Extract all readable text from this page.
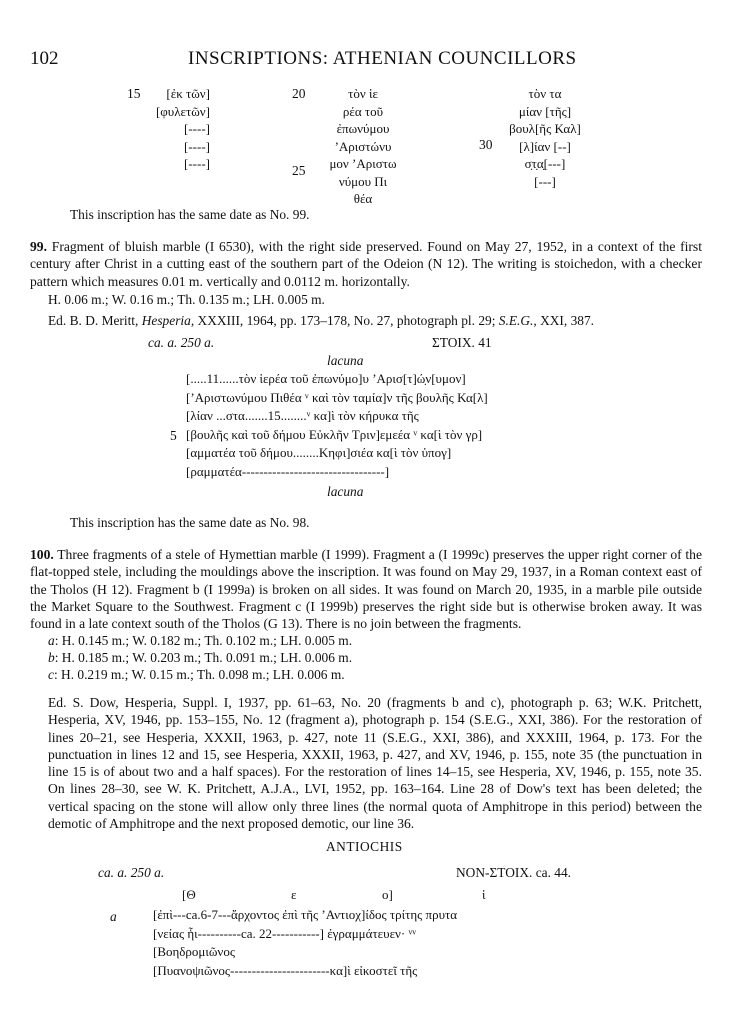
102	INSCRIPTIONS: ATHENIAN COUNCILLORS
15	[ἐκ τῶν]
[φυλετῶν]
[----]
[----]
[----]
20
25
τὸν ἱε
ρέα τοῦ
ἐπωνύμου
ʼΑριστώνυ
μον ʼΑριστω
νύμου Πι
θέα
30
τὸν τα
μίαν [τῆς]
βουλ[ῆς Καλ]
[λ]ίαν [--]
σ̣τ̣α̣[---]
[---]
This inscription has the same date as No. 99.
99. Fragment of bluish marble (I 6530), with the right side preserved. Found on May 27, 1952, in a context of the first century after Christ in a cutting east of the southern part of the Odeion (N 12). The writing is stoichedon, with a checker pattern which measures 0.01 m. vertically and 0.0112 m. horizontally.
H. 0.06 m.; W. 0.16 m.; Th. 0.135 m.; LH. 0.005 m.
Ed. B. D. Meritt, Hesperia, XXXIII, 1964, pp. 173–178, No. 27, photograph pl. 29; S.E.G., XXI, 387.
ca. a. 250 a.	ΣΤΟΙΧ. 41
lacuna
5
[.....11......τὸν ἱερέα τοῦ ἐπωνύμο]υ ʼΑρισ[τ]ώ̣ν[υμον]
[ʼΑριστωνύμου Πιθέα ᵛ καὶ τὸν ταμία]ν τῆς βουλῆς Κα[λ]
[λίαν ...στα.......15........ᵛ κα]ὶ τὸν κήρυκα τῆς
[βουλῆς καὶ τοῦ δήμου Εὐκλῆν Τριν]εμεέα ᵛ κα[ὶ τὸν γρ]
[αμματέα τοῦ δήμου........Κηφι]σιέα κα[ὶ τὸν ὑπογ]
[ραμματέα---------------------------------]
lacuna
This inscription has the same date as No. 98.
100. Three fragments of a stele of Hymettian marble (I 1999). Fragment a (I 1999c) preserves the upper right corner of the flat-topped stele, including the mouldings above the inscription. It was found on May 29, 1937, in a Roman context east of the Tholos (H 12). Fragment b (I 1999a) is broken on all sides. It was found on March 20, 1935, in a marble pile outside the Market Square to the Southwest. Fragment c (I 1999b) preserves the right side but is otherwise broken away. It was found in a late context south of the Tholos (G 13). There is no join between the fragments.
a: H. 0.145 m.; W. 0.182 m.; Th. 0.102 m.; LH. 0.005 m.
b: H. 0.185 m.; W. 0.203 m.; Th. 0.091 m.; LH. 0.006 m.
c: H. 0.219 m.; W. 0.15 m.; Th. 0.098 m.; LH. 0.006 m.
Ed. S. Dow, Hesperia, Suppl. I, 1937, pp. 61–63, No. 20 (fragments b and c), photograph p. 63; W.K. Pritchett, Hesperia, XV, 1946, pp. 153–155, No. 12 (fragment a), photograph p. 154 (S.E.G., XXI, 386). For the restoration of lines 20–21, see Hesperia, XXXII, 1963, p. 427, note 11 (S.E.G., XXI, 386), and XXXIII, 1964, p. 173. For the punctuation in lines 12 and 15, see Hesperia, XXXII, 1963, p. 427, and XV, 1946, p. 155, note 35 (the punctuation in line 15 is of about two and a half spaces). For the restoration of lines 14–15, see Hesperia, XV, 1946, p. 155, note 35. On lines 28–30, see W. K. Pritchett, A.J.A., LVI, 1952, pp. 163–164. Line 28 of Dow's text has been deleted; the vertical spacing on the stone will allow only three lines (the normal quota of Amphitrope in this period) between the demotic of Amphitrope and the next proposed demotic, our line 36.
ANTIOCHIS
ca. a. 250 a.	NON-ΣΤΟΙΧ. ca. 44.
[Θ	ε	ο]	ἱ
a	[ἐπὶ---ca.6-7---ἄρχοντος ἐπὶ τῆς ʼΑντιοχ]ίδος τρίτης πρυτα
[νείας ἧι----------ca. 22-----------] ἐγραμμάτευεν· ᵛᵛ
[Βοηδρομιῶνος
[Πυανοψιῶνος-----------------------κα]ὶ εἰκοστεῖ τῆς
